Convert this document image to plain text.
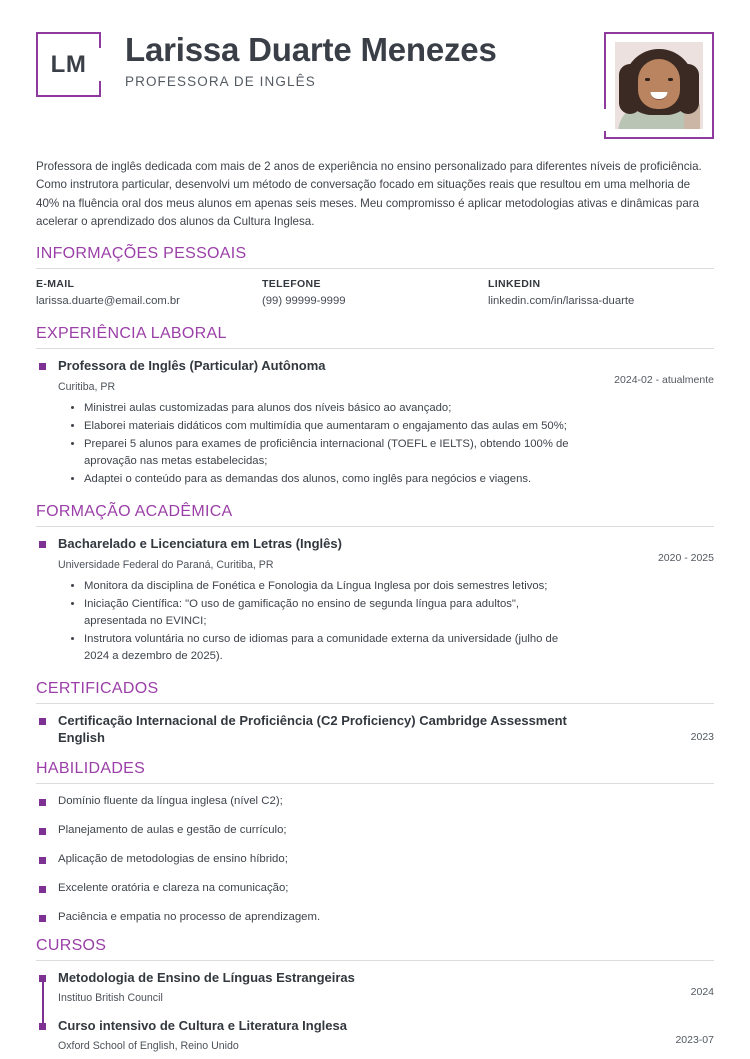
LM	Larissa Duarte Menezes
PROFESSORA DE INGLÊS
Professora de inglês dedicada com mais de 2 anos de experiência no ensino personalizado para diferentes níveis de proficiência. Como instrutora particular, desenvolvi um método de conversação focado em situações reais que resultou em uma melhoria de 40% na fluência oral dos meus alunos em apenas seis meses. Meu compromisso é aplicar metodologias ativas e dinâmicas para acelerar o aprendizado dos alunos da Cultura Inglesa.
INFORMAÇÕES PESSOAIS
E-MAIL
larissa.duarte@email.com.br
TELEFONE
(99) 99999-9999
LINKEDIN
linkedin.com/in/larissa-duarte
EXPERIÊNCIA LABORAL
Professora de Inglês (Particular) Autônoma
Curitiba, PR
• Ministrei aulas customizadas para alunos dos níveis básico ao avançado;
• Elaborei materiais didáticos com multimídia que aumentaram o engajamento das aulas em 50%;
• Preparei 5 alunos para exames de proficiência internacional (TOEFL e IELTS), obtendo 100% de aprovação nas metas estabelecidas;
• Adaptei o conteúdo para as demandas dos alunos, como inglês para negócios e viagens.
2024-02 - atualmente
FORMAÇÃO ACADÊMICA
Bacharelado e Licenciatura em Letras (Inglês)
Universidade Federal do Paraná, Curitiba, PR
• Monitora da disciplina de Fonética e Fonologia da Língua Inglesa por dois semestres letivos;
• Iniciação Científica: "O uso de gamificação no ensino de segunda língua para adultos", apresentada no EVINCI;
• Instrutora voluntária no curso de idiomas para a comunidade externa da universidade (julho de 2024 a dezembro de 2025).
2020 - 2025
CERTIFICADOS
Certificação Internacional de Proficiência (C2 Proficiency) Cambridge Assessment English	2023
HABILIDADES
Domínio fluente da língua inglesa (nível C2);
Planejamento de aulas e gestão de currículo;
Aplicação de metodologias de ensino híbrido;
Excelente oratória e clareza na comunicação;
Paciência e empatia no processo de aprendizagem.
CURSOS
Metodologia de Ensino de Línguas Estrangeiras
Instituo British Council
2024
Curso intensivo de Cultura e Literatura Inglesa
Oxford School of English, Reino Unido
2023-07
